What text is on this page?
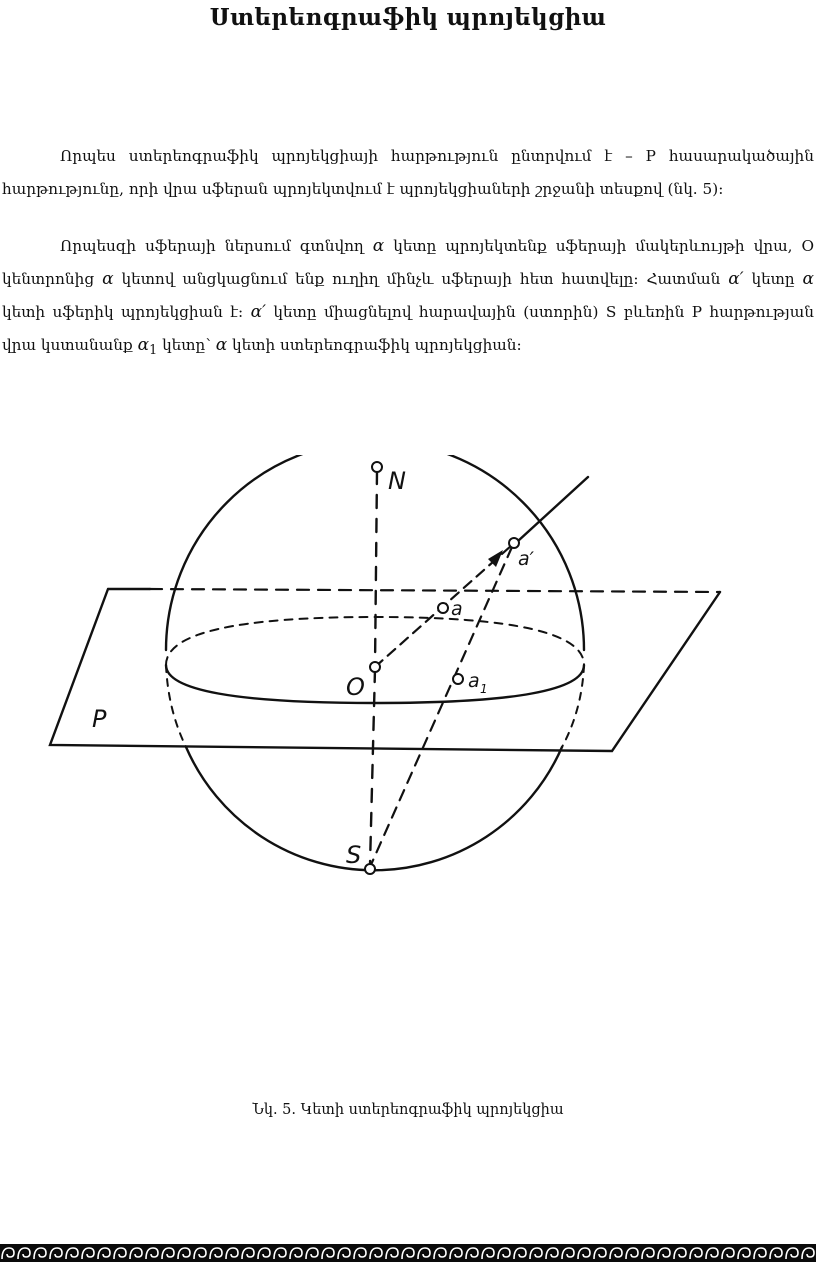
Ստերեոգրաֆիկ պրոյեկցիա

Որպես ստերեոգրաֆիկ պրոյեկցիայի հարթություն ընտրվում է – P հասարակածային հարթությունը, որի վրա սֆերան պրոյեկտվում է պրոյեկցիաների շրջանի տեսքով (նկ. 5)։

Որպեսզի սֆերայի ներսում գտնվող α կետը պրոյեկտենք սֆերայի մակերևույթի վրա, O կենտրոնից α կետով անցկացնում ենք ուղիղ մինչև սֆերայի հետ հատվելը։ Հատման α′ կետը α կետի սֆերիկ պրոյեկցիան է։ α′ կետը միացնելով հարավային (ստորին) S բևեռին P հարթության վրա կստանանք $\alpha_1$ կետը՝ α կետի ստերեոգրաֆիկ պրոյեկցիան։

N
O
S
P
a
a′
a 1
Նկ. 5. Կետի ստերեոգրաֆիկ պրոյեկցիա
